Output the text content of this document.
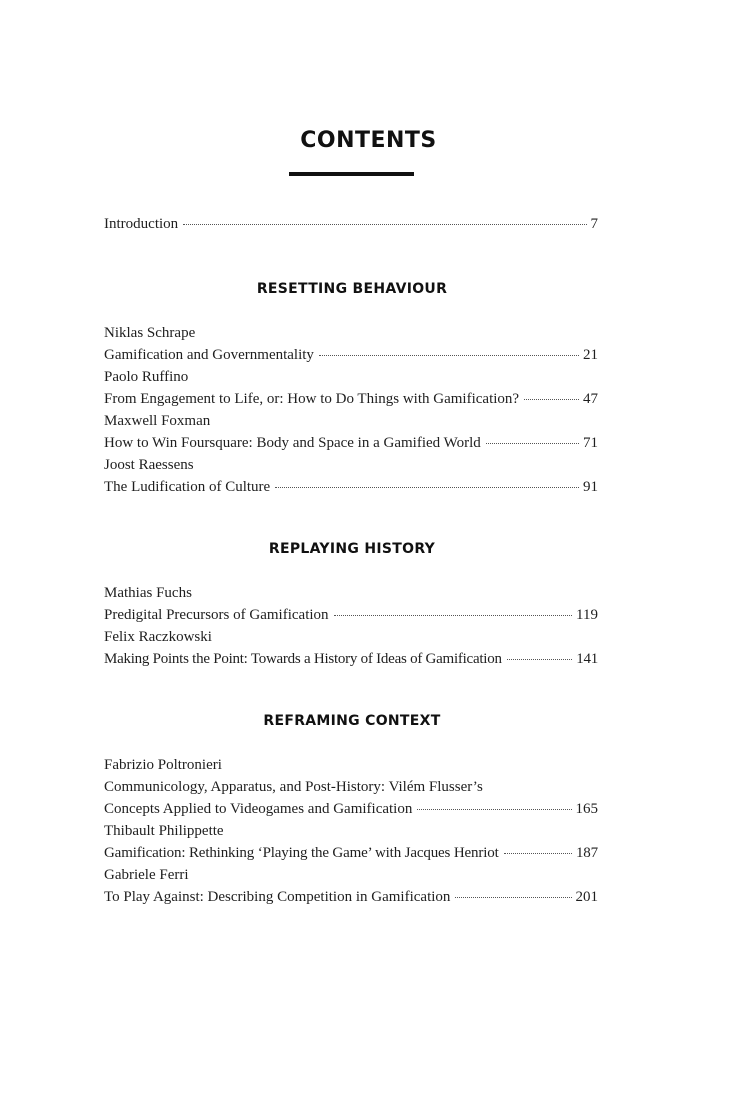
CONTENTS
Introduction	7
RESETTING BEHAVIOUR
Niklas Schrape
Gamification and Governmentality	21
Paolo Ruffino
From Engagement to Life, or: How to Do Things with Gamification?	47
Maxwell Foxman
How to Win Foursquare: Body and Space in a Gamified World	71
Joost Raessens
The Ludification of Culture	91
REPLAYING HISTORY
Mathias Fuchs
Predigital Precursors of Gamification	119
Felix Raczkowski
Making Points the Point: Towards a History of Ideas of Gamification	141
REFRAMING CONTEXT
Fabrizio Poltronieri
Communicology, Apparatus, and Post-History: Vilém Flusser’s
Concepts Applied to Videogames and Gamification	165
Thibault Philippette
Gamification: Rethinking ‘Playing the Game’ with Jacques Henriot	187
Gabriele Ferri
To Play Against: Describing Competition in Gamification	201
